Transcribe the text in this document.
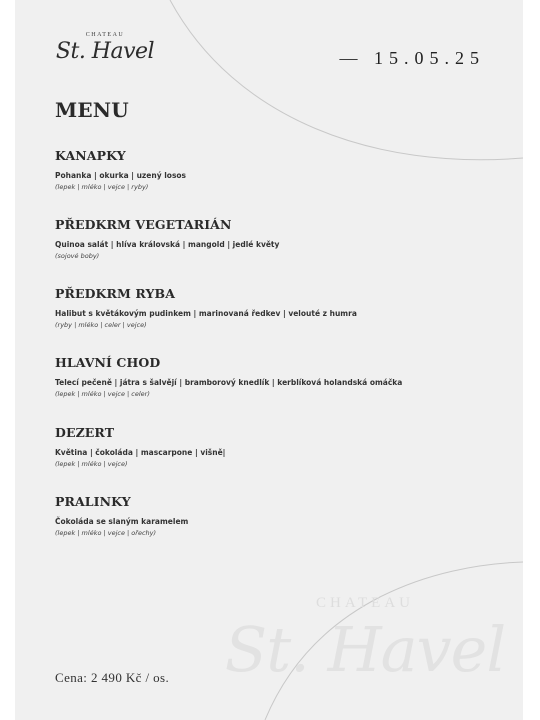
CHATEAU
St. Havel
CHATEAU
St. Havel	— 15.05.25
MENU

KANAPKY

Pohanka | okurka | uzený losos

(lepek | mléko | vejce | ryby)

PŘEDKRM VEGETARIÁN

Quinoa salát | hlíva královská | mangold | jedlé květy

(sojové boby)

PŘEDKRM RYBA

Halibut s květákovým pudinkem | marinovaná ředkev | velouté z humra

(ryby | mléko | celer | vejce)

HLAVNÍ CHOD

Telecí pečeně | játra s šalvějí | bramborový knedlík | kerblíková holandská omáčka

(lepek | mléko | vejce | celer)

DEZERT

Květina | čokoláda | mascarpone | višně|

(lepek | mléko | vejce)

PRALINKY

Čokoláda se slaným karamelem

(lepek | mléko | vejce | ořechy)

Cena: 2 490 Kč / os.
